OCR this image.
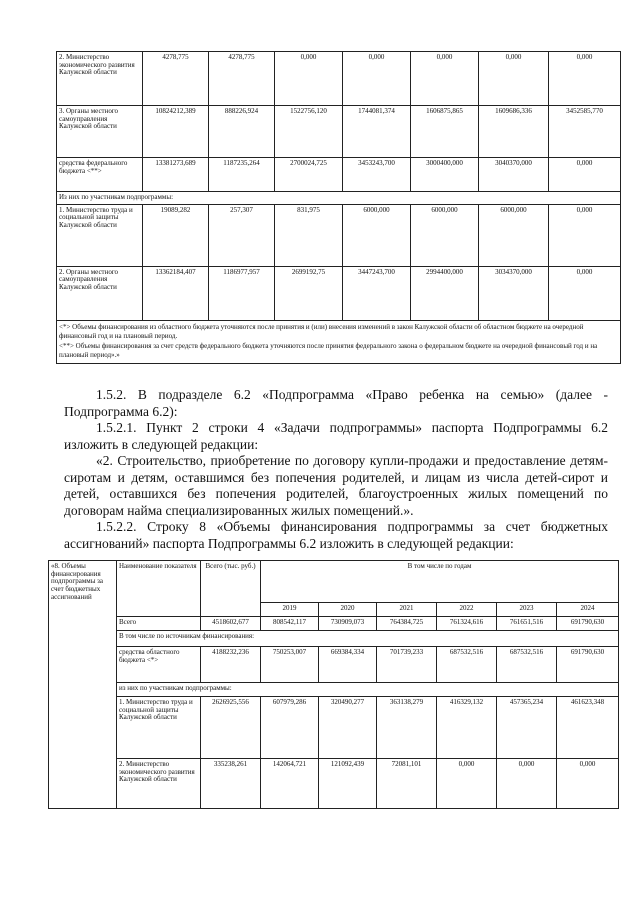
2. Министерство экономического развития Калужской области	4278,775	4278,775	0,000	0,000	0,000	0,000	0,000
3. Органы местного самоуправления Калужской области	10824212,389	888226,924	1522756,120	1744081,374	1606875,865	1609686,336	3452585,770
средства федерального бюджета <**>	13381273,689	1187235,264	2700024,725	3453243,700	3000400,000	3040370,000	0,000
Из них по участникам подпрограммы:							
1. Министерство труда и социальной защиты Калужской области	19089,282	257,307	831,975	6000,000	6000,000	6000,000	0,000
2. Органы местного самоуправления Калужской области	13362184,407	1186977,957	2699192,75	3447243,700	2994400,000	3034370,000	0,000

<*> Объемы финансирования из областного бюджета уточняются после принятия и (или) внесения изменений в закон Калужской области об областном бюджете на очередной финансовый год и на плановый период.
<**> Объемы финансирования за счет средств федерального бюджета уточняются после принятия федерального закона о федеральном бюджете на очередной финансовый год и на плановый период».»							

1.5.2. В подразделе 6.2 «Подпрограмма «Право ребенка на семью» (далее - Подпрограмма 6.2):

1.5.2.1. Пункт 2 строки 4 «Задачи подпрограммы» паспорта Подпрограммы 6.2 изложить в следующей редакции:

«2. Строительство, приобретение по договору купли-продажи и предоставление детям-сиротам и детям, оставшимся без попечения родителей, и лицам из числа детей-сирот и детей, оставшихся без попечения родителей, благоустроенных жилых помещений по договорам найма специализированных жилых помещений.».

1.5.2.2. Строку 8 «Объемы финансирования подпрограммы за счет бюджетных ассигнований» паспорта Подпрограммы 6.2 изложить в следующей редакции:

«8. Объемы финансирования подпрограммы за счет бюджетных ассигнований	Наименование показателя	Всего (тыс. руб.)	В том числе по годам					
			2019	2020	2021	2022	2023	2024
	Всего	4518602,677	808542,117	730909,073	764384,725	761324,616	761651,516	691790,630
	В том числе по источникам финансирования:							
	средства областного бюджета <*>	4188232,236	750253,007	669384,334	701739,233	687532,516	687532,516	691790,630
	из них по участникам подпрограммы:							
	1. Министерство труда и социальной защиты Калужской области	2626925,556	607979,286	320490,277	363138,279	416329,132	457365,234	461623,348
	2. Министерство экономического развития Калужской области	335238,261	142064,721	121092,439	72081,101	0,000	0,000	0,000
